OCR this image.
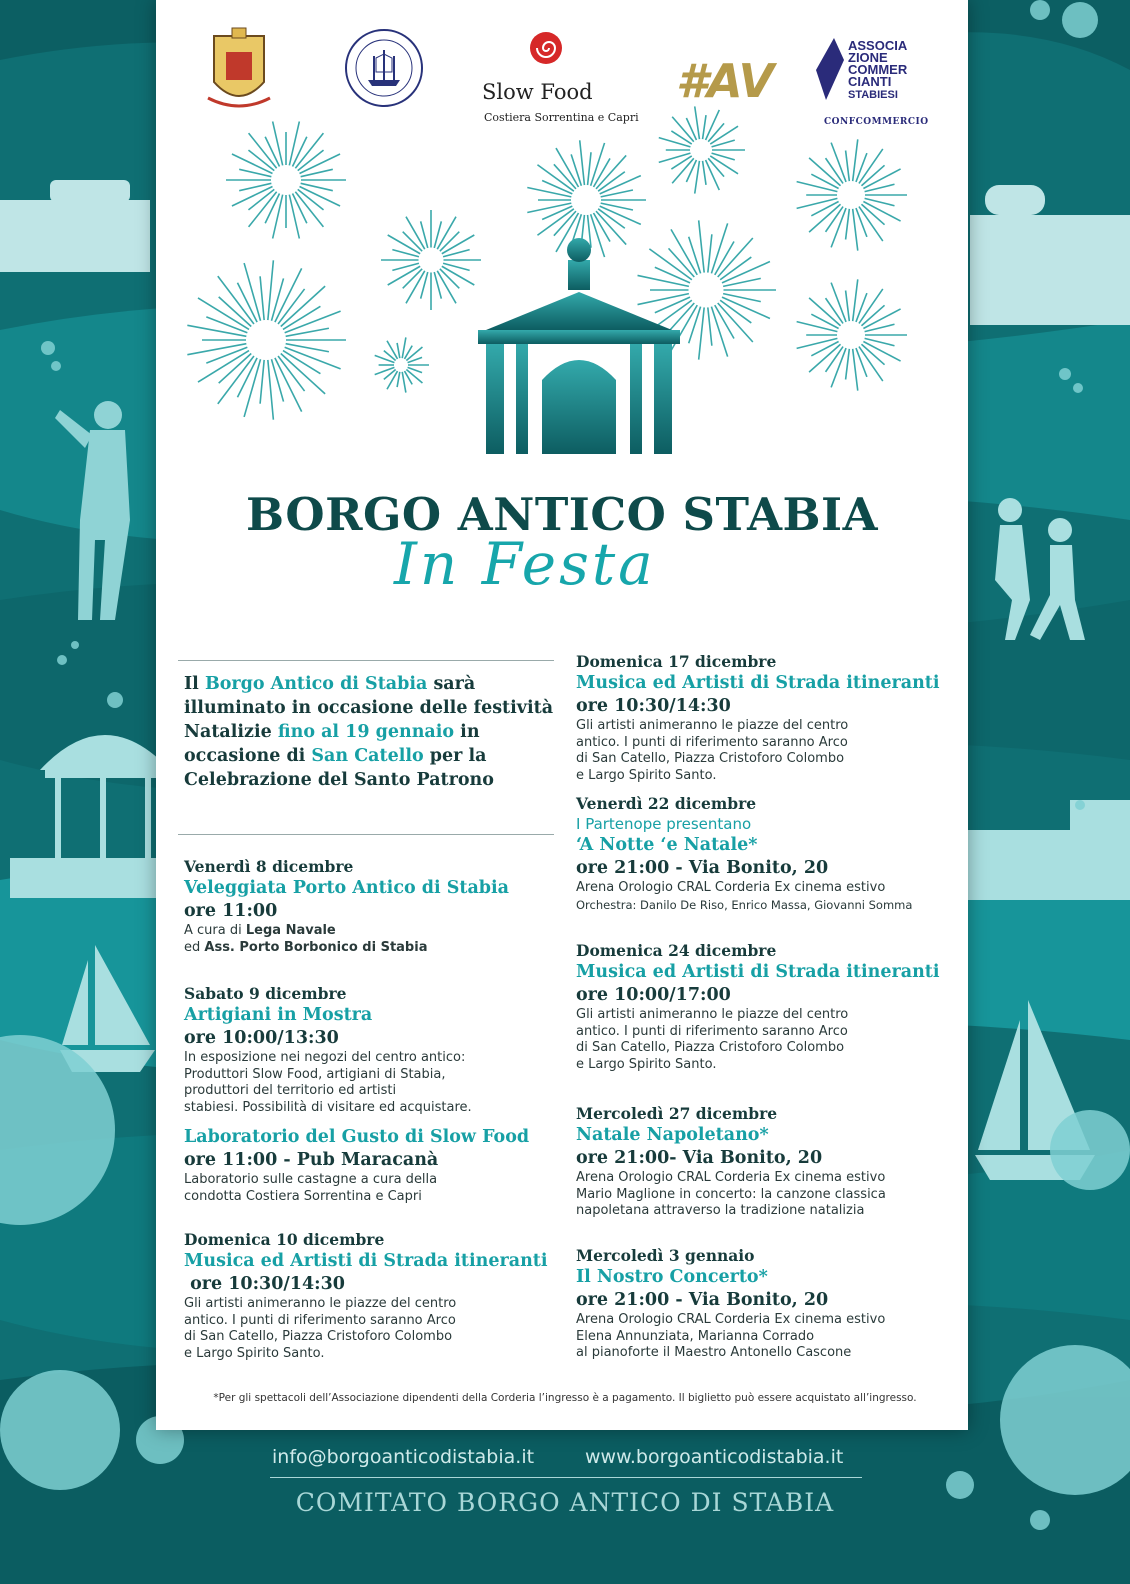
Slow Food
Costiera Sorrentina e Capri
#AV
ASSOCIA
ZIONE
COMMER
CIANTI
STABIESI
CONFCOMMERCIO
BORGO ANTICO STABIA
In Festa
Il Borgo Antico di Stabia sarà illuminato in occasione delle festività Natalizie fino al 19 gennaio in occasione di San Catello per la Celebrazione del Santo Patrono
Venerdì 8 dicembre
Veleggiata Porto Antico di Stabia
ore 11:00
A cura di Lega Navale
ed Ass. Porto Borbonico di Stabia
Sabato 9 dicembre
Artigiani in Mostra
ore 10:00/13:30
In esposizione nei negozi del centro antico:
Produttori Slow Food, artigiani di Stabia,
produttori del territorio ed artisti
stabiesi. Possibilità di visitare ed acquistare.
Laboratorio del Gusto di Slow Food
ore 11:00 - Pub Maracanà
Laboratorio sulle castagne a cura della
condotta Costiera Sorrentina e Capri
Domenica 10 dicembre
Musica ed Artisti di Strada itineranti
ore 10:30/14:30
Gli artisti animeranno le piazze del centro
antico. I punti di riferimento saranno Arco
di San Catello, Piazza Cristoforo Colombo
e Largo Spirito Santo.
Domenica 17 dicembre
Musica ed Artisti di Strada itineranti
ore 10:30/14:30
Gli artisti animeranno le piazze del centro
antico. I punti di riferimento saranno Arco
di San Catello, Piazza Cristoforo Colombo
e Largo Spirito Santo.
Venerdì 22 dicembre
I Partenope presentano
‘A Notte ‘e Natale*
ore 21:00 - Via Bonito, 20
Arena Orologio CRAL Corderia Ex cinema estivo
Orchestra: Danilo De Riso, Enrico Massa, Giovanni Somma
Domenica 24 dicembre
Musica ed Artisti di Strada itineranti
ore 10:00/17:00
Gli artisti animeranno le piazze del centro
antico. I punti di riferimento saranno Arco
di San Catello, Piazza Cristoforo Colombo
e Largo Spirito Santo.
Mercoledì 27 dicembre
Natale Napoletano*
ore 21:00- Via Bonito, 20
Arena Orologio CRAL Corderia Ex cinema estivo
Mario Maglione in concerto: la canzone classica
napoletana attraverso la tradizione natalizia
Mercoledì 3 gennaio
Il Nostro Concerto*
ore 21:00 - Via Bonito, 20
Arena Orologio CRAL Corderia Ex cinema estivo
Elena Annunziata, Marianna Corrado
al pianoforte il Maestro Antonello Cascone
*Per gli spettacoli dell’Associazione dipendenti della Corderia l’ingresso è a pagamento. Il biglietto può essere acquistato all’ingresso.
info@borgoanticodistabia.it	www.borgoanticodistabia.it
COMITATO BORGO ANTICO DI STABIA
